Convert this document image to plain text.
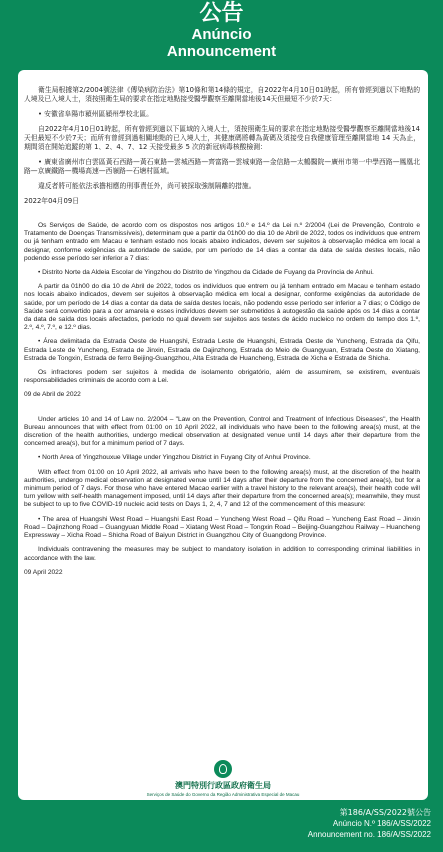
公告
Anúncio
Announcement

衛生局根據第2/2004號法律《傳染病防治法》第10條和第14條的規定，自2022年4月10日01時起，所有曾經到過以下地點的人境及已入境人士，須按照衛生局的要求在指定地點接受醫學觀察至離開當地後14天但最短不少於7天：

• 安徽省阜陽市潁州區潁州學校北區。

自2022年4月10日01時起，所有曾經到過以下區域的入境人士，須按照衛生局的要求在指定地點接受醫學觀察至離開當地後14天但最短不少於7天；而所有曾經到過相關地點的已入境人士，其健康碼將轉為黃碼及須接受自我健康管理至離開當地 14 天為止，期間須在開始追蹤的第 1、2、4、7、12 天接受最多 5 次的新冠病毒核酸檢測：

• 廣東省廣州市白雲區黃石西路—黃石東路—雲城西路—齊富路—雲城東路—金信路—太鶴醫院—廣州市第一中學西路—鳳凰北路—京廣鐵路—機場高速—西嶺路—石塘村區域。

違反者將可能依法承擔相應的刑事責任外，尚可被採取強制隔離的措施。

2022年04月09日

Os Serviços de Saúde, de acordo com os dispostos nos artigos 10.º e 14.º da Lei n.º 2/2004 (Lei de Prevenção, Controlo e Tratamento de Doenças Transmissíveis), determinam que a partir da 01h00 do dia 10 de Abril de 2022, todos os indivíduos que entrem ou já tenham entrado em Macau e tenham estado nos locais abaixo indicados, devem ser sujeitos à observação médica em local a designar, conforme exigências da autoridade de saúde, por um período de 14 dias a contar da data de saída destes locais, não podendo esse período ser inferior a 7 dias:

• Distrito Norte da Aldeia Escolar de Yingzhou do Distrito de Yingzhou da Cidade de Fuyang da Província de Anhui.

A partir da 01h00 do dia 10 de Abril de 2022, todos os indivíduos que entrem ou já tenham entrado em Macau e tenham estado nos locais abaixo indicados, devem ser sujeitos à observação médica em local a designar, conforme exigências da autoridade de saúde, por um período de 14 dias a contar da data de saída destes locais, não podendo esse período ser inferior a 7 dias; o Código de Saúde será convertido para a cor amarela e esses indivíduos devem ser submetidos à autogestão da saúde após os 14 dias a contar da data de saída dos locais afectados, período no qual devem ser sujeitos aos testes de ácido nucleico no ordem do tempo dos 1.º, 2.º, 4.º, 7.º, e 12.º dias.

• Área delimitada da Estrada Oeste de Huangshi, Estrada Leste de Huangshi, Estrada Oeste de Yuncheng, Estrada da Qifu, Estrada Leste de Yuncheng, Estrada de Jinxin, Estrada de Dajinzhong, Estrada do Meio de Guangyuan, Estrada Oeste do Xiatang, Estrada de Tongxin, Estrada de ferro Beijing-Guangzhou, Alta Estrada de Huancheng, Estrada de Xicha e Estrada de Shicha.

Os infractores podem ser sujeitos à medida de isolamento obrigatório, além de assumirem, se existirem, eventuais responsabilidades criminais de acordo com a Lei.

09 de Abril de 2022

Under articles 10 and 14 of Law no. 2/2004 – "Law on the Prevention, Control and Treatment of Infectious Diseases", the Health Bureau announces that with effect from 01:00 on 10 April 2022, all individuals who have been to the following area(s) must, at the discretion of the health authorities, undergo medical observation at designated venue until 14 days after their departure from the concerned area(s), but for a minimum period of 7 days.

• North Area of Yingzhouxue Village under Yingzhou District in Fuyang City of Anhui Province.

With effect from 01:00 on 10 April 2022, all arrivals who have been to the following area(s) must, at the discretion of the health authorities, undergo medical observation at designated venue until 14 days after their departure from the concerned area(s), but for a minimum period of 7 days. For those who have entered Macao earlier with a travel history to the relevant area(s), their health code will turn yellow with self-health management imposed, until 14 days after their departure from the concerned area(s); meanwhile, they must be subject to up to five COVID-19 nucleic acid tests on Days 1, 2, 4, 7 and 12 of the commencement of this measure:

• The area of Huangshi West Road – Huangshi East Road – Yuncheng West Road – Qifu Road – Yuncheng East Road – Jinxin Road – Dajinzhong Road – Guangyuan Middle Road – Xiatang West Road – Tongxin Road – Beijing-Guangzhou Railway – Huancheng Expressway – Xicha Road – Shicha Road of Baiyun District in Guangzhou City of Guangdong Province.

Individuals contravening the measures may be subject to mandatory isolation in addition to corresponding criminal liabilities in accordance with the law.

09 April 2022

澳門特別行政區政府衛生局
Serviços de Saúde do Governo da Região Administrativa Especial de Macau
第186/A/SS/2022號公告
Anúncio N.º 186/A/SS/2022
Announcement no. 186/A/SS/2022
